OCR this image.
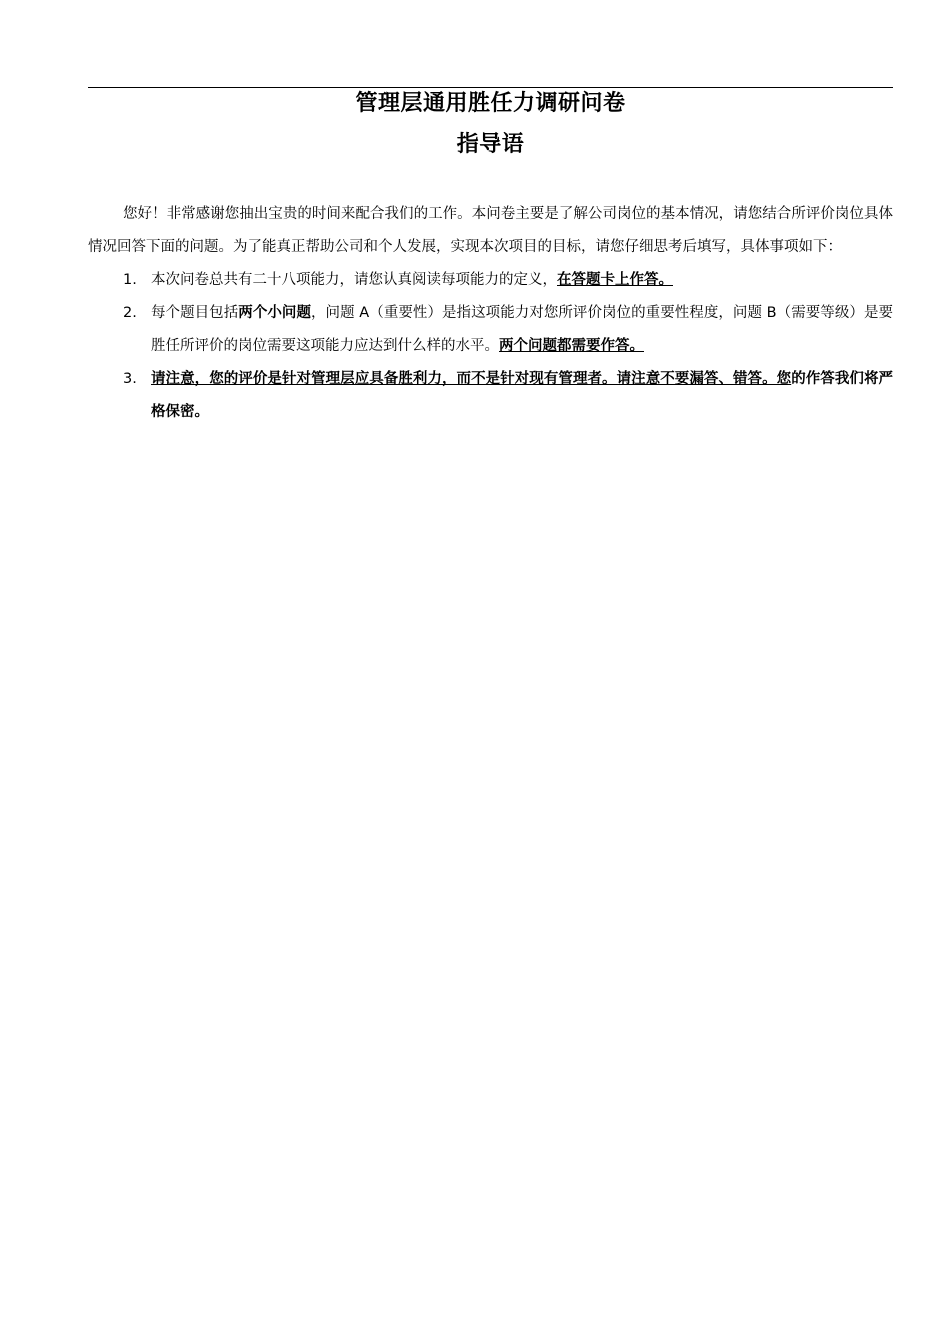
管理层通用胜任力调研问卷
指导语

您好！非常感谢您抽出宝贵的时间来配合我们的工作。本问卷主要是了解公司岗位的基本情况，请您结合所评价岗位具体情况回答下面的问题。为了能真正帮助公司和个人发展，实现本次项目的目标，请您仔细思考后填写，具体事项如下：

1. 本次问卷总共有二十八项能力，请您认真阅读每项能力的定义，在答题卡上作答。
2. 每个题目包括两个小问题，问题 A（重要性）是指这项能力对您所评价岗位的重要性程度，问题 B（需要等级）是要胜任所评价的岗位需要这项能力应达到什么样的水平。两个问题都需要作答。
3. 请注意，您的评价是针对管理层应具备胜利力，而不是针对现有管理者。请注意不要漏答、错答。您的作答我们将严格保密。
